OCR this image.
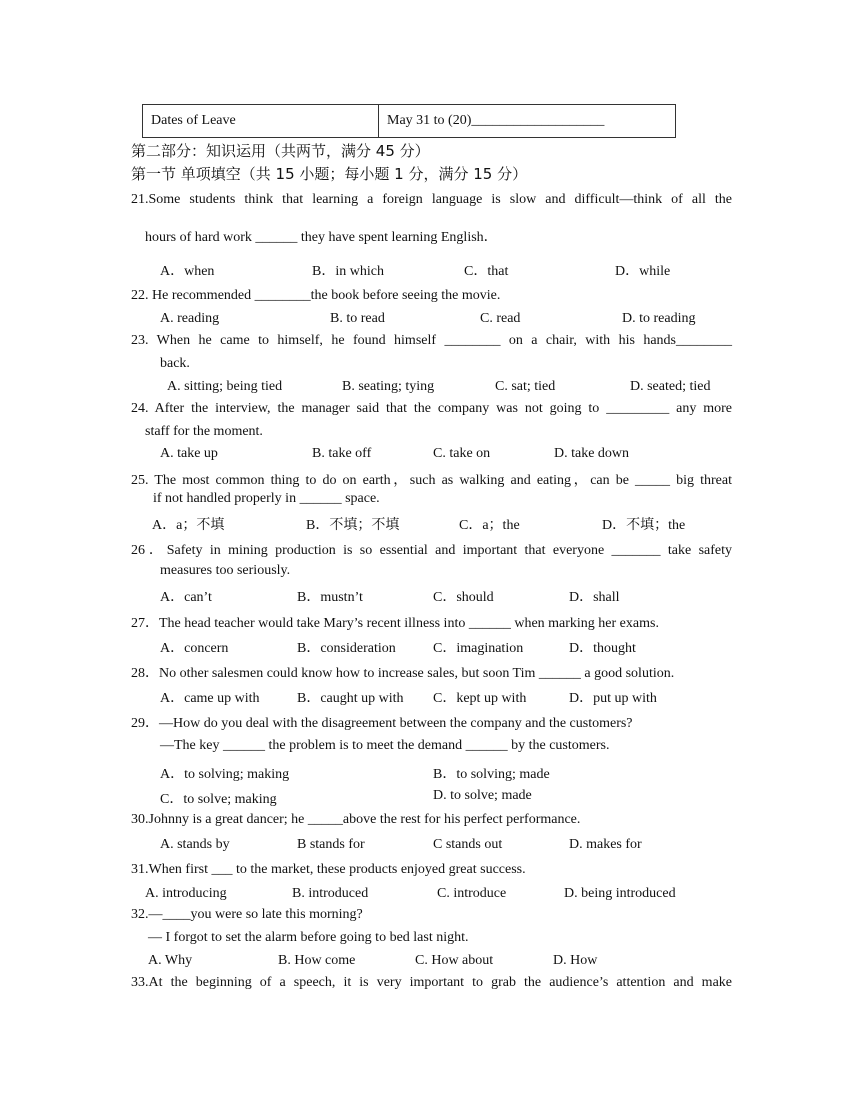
Dates of Leave	May 31 to (20)___________________
第二部分：知识运用（共两节，满分 45 分）
第一节 单项填空（共 15 小题；每小题 1 分，满分 15 分）
21.Some students think that learning a foreign language is slow and difficult—think of all the
hours of hard work ______ they have spent learning English．
A．when	B．in which	C．that	D．while
22. He recommended ________the book before seeing the movie.
A. reading	B. to read	C. read	D. to reading
23. When he came to himself, he found himself ________ on a chair, with his hands________
back.
A. sitting; being tied	B. seating; tying	C. sat; tied	D. seated; tied
24. After the interview, the manager said that the company was not going to _________ any more
staff for the moment.
A. take up	B. take off	C. take on	D. take down
25. The most common thing to do on earth，such as walking and eating，can be _____ big threat
if not handled properly in ______ space.
A．a；不填	B．不填；不填	C．a；the	D．不填；the
26．Safety in mining production is so essential and important that everyone _______ take safety
measures too seriously.
A．can’t	B．mustn’t	C．should	D．shall
27．The head teacher would take Mary’s recent illness into ______ when marking her exams.
A．concern	B．consideration	C．imagination	D．thought
28．No other salesmen could know how to increase sales, but soon Tim ______ a good solution.
A．came up with	B．caught up with C．kept up with	D．put up with
29．—How do you deal with the disagreement between the company and the customers?
—The key ______ the problem is to meet the demand ______ by the customers.
A．to solving; making	B．to solving; made
C．to solve; making	D. to solve; made
30.Johnny is a great dancer; he _____above the rest for his perfect performance.
A. stands by	B stands for	C stands out	D. makes for
31.When first ___ to the market, these products enjoyed great success.
A. introducing	B. introduced	C. introduce	D. being introduced
32.—____you were so late this morning?
— I forgot to set the alarm before going to bed last night.
A. Why	B. How come	C. How about	D. How
33.At the beginning of a speech, it is very important to grab the audience’s attention and make
